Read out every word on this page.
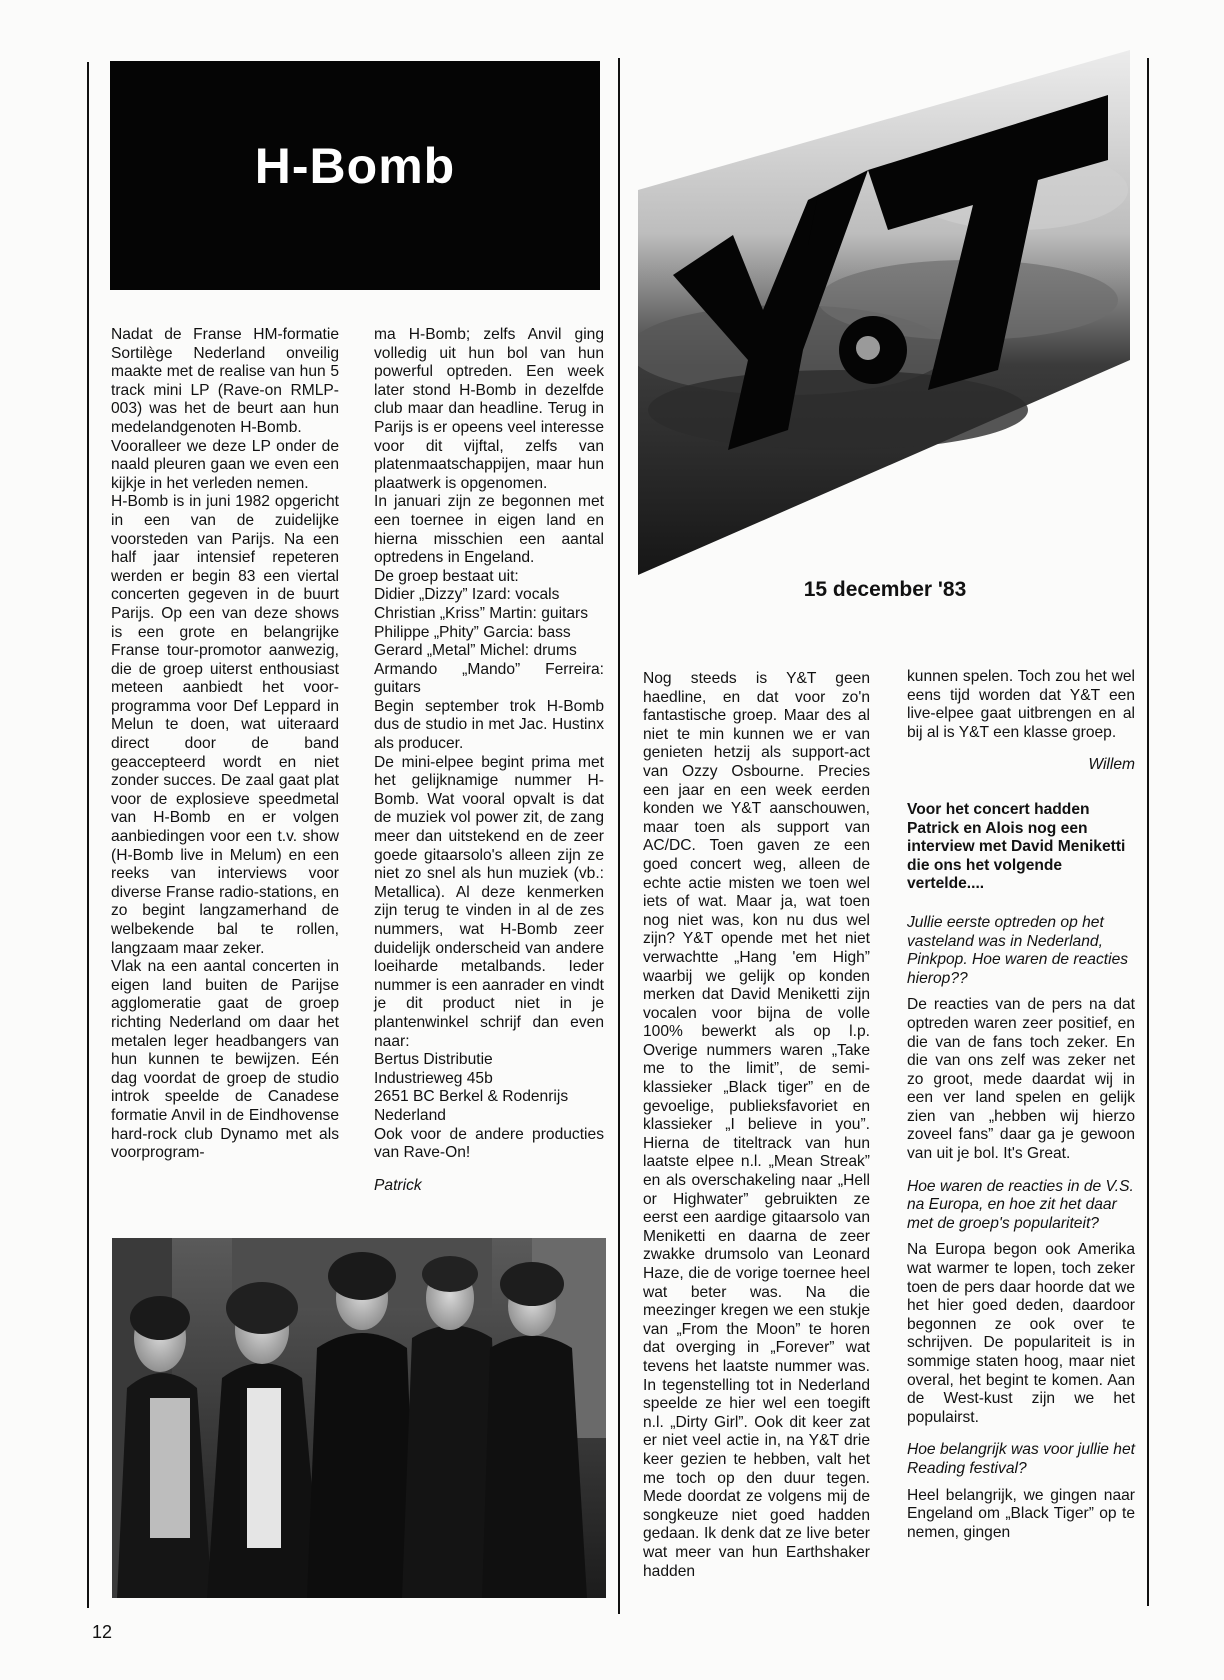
H-Bomb

Nadat de Franse HM-formatie Sortilège Nederland onveilig maakte met de realise van hun 5 track mini LP (Rave-on RMLP-003) was het de beurt aan hun medelandgenoten H-Bomb.

Vooralleer we deze LP onder de naald pleuren gaan we even een kijkje in het verleden nemen.

H-Bomb is in juni 1982 opgericht in een van de zuidelijke voorsteden van Parijs. Na een half jaar intensief repeteren werden er begin 83 een viertal concerten gegeven in de buurt Parijs. Op een van deze shows is een grote en belangrijke Franse tour-promotor aanwezig, die de groep uiterst enthousiast meteen aanbiedt het voor-programma voor Def Leppard in Melun te doen, wat uiteraard direct door de band geaccepteerd wordt en niet zonder succes. De zaal gaat plat voor de explosieve speedmetal van H-Bomb en er volgen aanbiedingen voor een t.v. show (H-Bomb live in Melum) en een reeks van interviews voor diverse Franse radio-stations, en zo begint langzamerhand de welbekende bal te rollen, langzaam maar zeker.

Vlak na een aantal concerten in eigen land buiten de Parijse agglomeratie gaat de groep richting Nederland om daar het metalen leger headbangers van hun kunnen te bewijzen. Eén dag voordat de groep de studio introk speelde de Canadese formatie Anvil in de Eindhovense hard-rock club Dynamo met als voorprogram-

ma H-Bomb; zelfs Anvil ging volledig uit hun bol van hun powerful optreden. Een week later stond H-Bomb in dezelfde club maar dan headline. Terug in Parijs is er opeens veel interesse voor dit vijftal, zelfs van platenmaatschappijen, maar hun plaatwerk is opgenomen.

In januari zijn ze begonnen met een toernee in eigen land en hierna misschien een aantal optredens in Engeland.

De groep bestaat uit:

Didier „Dizzy” Izard: vocals

Christian „Kriss” Martin: guitars

Philippe „Phity” Garcia: bass

Gerard „Metal” Michel: drums

Armando „Mando” Ferreira: guitars

Begin september trok H-Bomb dus de studio in met Jac. Hustinx als producer.

De mini-elpee begint prima met het gelijknamige nummer H-Bomb. Wat vooral opvalt is dat de muziek vol power zit, de zang meer dan uitstekend en de zeer goede gitaarsolo's alleen zijn ze niet zo snel als hun muziek (vb.: Metallica). Al deze kenmerken zijn terug te vinden in al de zes nummers, wat H-Bomb zeer duidelijk onderscheid van andere loeiharde metalbands. Ieder nummer is een aanrader en vindt je dit product niet in je plantenwinkel schrijf dan even naar:

Bertus Distributie

Industrieweg 45b

2651 BC Berkel & Rodenrijs

Nederland

Ook voor de andere producties van Rave-On!

Patrick

15 december '83

Nog steeds is Y&T geen haedline, en dat voor zo'n fantastische groep. Maar des al niet te min kunnen we er van genieten hetzij als support-act van Ozzy Osbourne. Precies een jaar en een week eerden konden we Y&T aanschouwen, maar toen als support van AC/DC. Toen gaven ze een goed concert weg, alleen de echte actie misten we toen wel iets of wat. Maar ja, wat toen nog niet was, kon nu dus wel zijn? Y&T opende met het niet verwachtte „Hang 'em High” waarbij we gelijk op konden merken dat David Meniketti zijn vocalen voor bijna de volle 100% bewerkt als op l.p. Overige nummers waren „Take me to the limit”, de semi-klassieker „Black tiger” en de gevoelige, publieksfavoriet en klassieker „I believe in you”. Hierna de titeltrack van hun laatste elpee n.l. „Mean Streak” en als overschakeling naar „Hell or Highwater” gebruikten ze eerst een aardige gitaarsolo van Meniketti en daarna de zeer zwakke drumsolo van Leonard Haze, die de vorige toernee heel wat beter was. Na die meezinger kregen we een stukje van „From the Moon” te horen dat overging in „Forever” wat tevens het laatste nummer was. In tegenstelling tot in Nederland speelde ze hier wel een toegift n.l. „Dirty Girl”. Ook dit keer zat er niet veel actie in, na Y&T drie keer gezien te hebben, valt het me toch op den duur tegen. Mede doordat ze volgens mij de songkeuze niet goed hadden gedaan. Ik denk dat ze live beter wat meer van hun Earthshaker hadden

kunnen spelen. Toch zou het wel eens tijd worden dat Y&T een live-elpee gaat uitbrengen en al bij al is Y&T een klasse groep.

Willem

Voor het concert hadden Patrick en Alois nog een interview met David Meniketti die ons het volgende vertelde....

Jullie eerste optreden op het vasteland was in Nederland, Pinkpop. Hoe waren de reacties hierop??

De reacties van de pers na dat optreden waren zeer positief, en die van de fans toch zeker. En die van ons zelf was zeker net zo groot, mede daardat wij in een ver land spelen en gelijk zien van „hebben wij hierzo zoveel fans” daar ga je gewoon van uit je bol. It's Great.

Hoe waren de reacties in de V.S. na Europa, en hoe zit het daar met de groep's populariteit?

Na Europa begon ook Amerika wat warmer te lopen, toch zeker toen de pers daar hoorde dat we het hier goed deden, daardoor begonnen ze ook over te schrijven. De populariteit is in sommige staten hoog, maar niet overal, het begint te komen. Aan de West-kust zijn we het populairst.

Hoe belangrijk was voor jullie het Reading festival?

Heel belangrijk, we gingen naar Engeland om „Black Tiger” op te nemen, gingen

12
